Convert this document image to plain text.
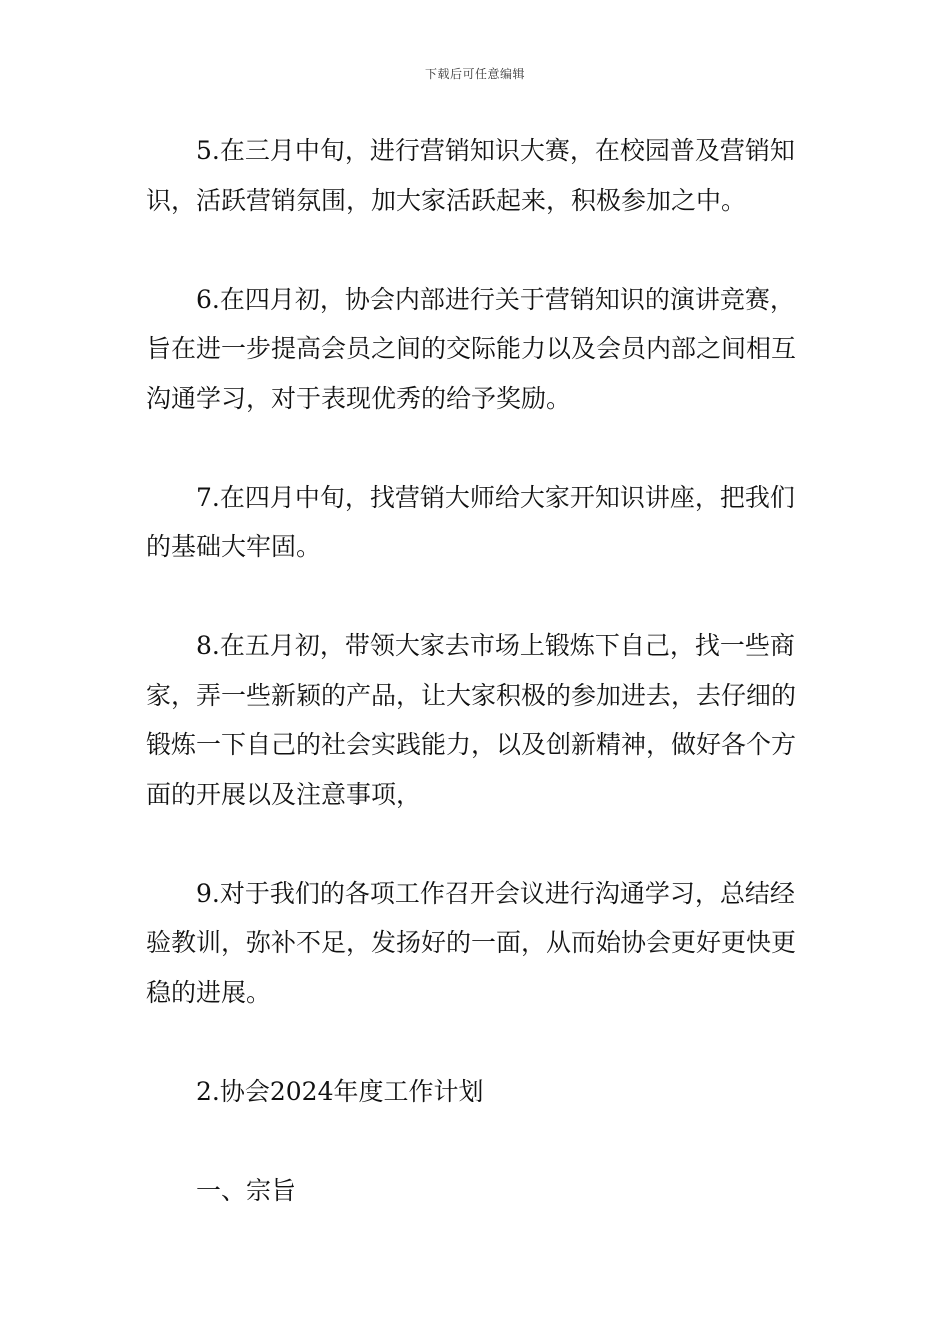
下载后可任意编辑

5.在三月中旬，进行营销知识大赛，在校园普及营销知识，活跃营销氛围，加大家活跃起来，积极参加之中。

6.在四月初，协会内部进行关于营销知识的演讲竞赛，旨在进一步提高会员之间的交际能力以及会员内部之间相互沟通学习，对于表现优秀的给予奖励。

7.在四月中旬，找营销大师给大家开知识讲座，把我们的基础大牢固。

8.在五月初，带领大家去市场上锻炼下自己，找一些商家，弄一些新颖的产品，让大家积极的参加进去，去仔细的锻炼一下自己的社会实践能力，以及创新精神，做好各个方面的开展以及注意事项，

9.对于我们的各项工作召开会议进行沟通学习，总结经验教训，弥补不足，发扬好的一面，从而始协会更好更快更稳的进展。

2.协会2024年度工作计划

一、宗旨
